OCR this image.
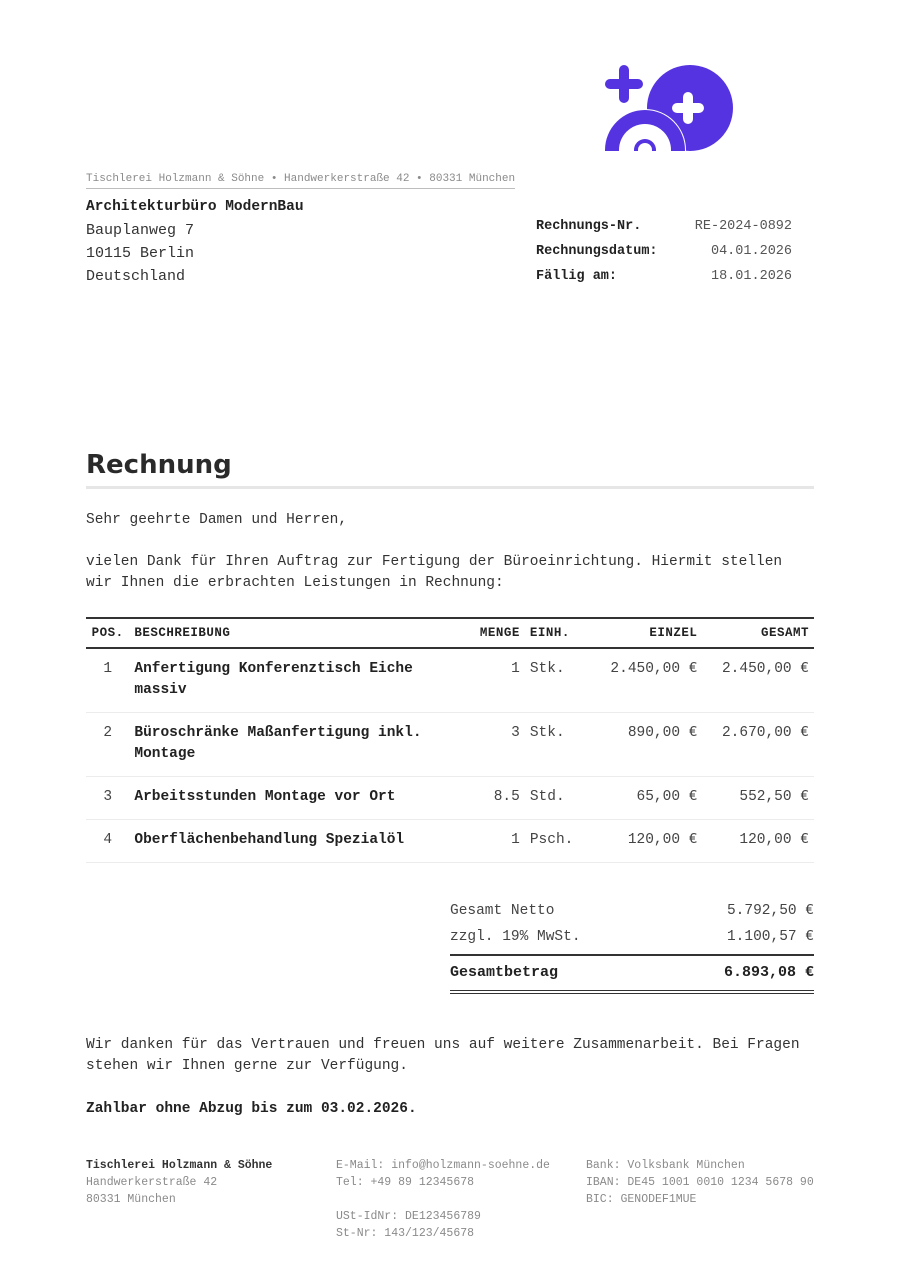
Tischlerei Holzmann & Söhne • Handwerkerstraße 42 • 80331 München
Architekturbüro ModernBau
Bauplanweg 7
10115 Berlin
Deutschland
Rechnungs-Nr.	RE-2024-0892
Rechnungsdatum:	04.01.2026
Fällig am:	18.01.2026
Rechnung
Sehr geehrte Damen und Herren,
vielen Dank für Ihren Auftrag zur Fertigung der Büroeinrichtung. Hiermit stellen wir Ihnen die erbrachten Leistungen in Rechnung:
POS.	BESCHREIBUNG	MENGE	EINH.	EINZEL	GESAMT
1	Anfertigung Konferenztisch Eiche massiv	1	Stk.	2.450,00 €	2.450,00 €
2	Büroschränke Maßanfertigung inkl. Montage	3	Stk.	890,00 €	2.670,00 €
3	Arbeitsstunden Montage vor Ort	8.5	Std.	65,00 €	552,50 €
4	Oberflächenbehandlung Spezialöl	1	Psch.	120,00 €	120,00 €
Gesamt Netto	5.792,50 €
zzgl. 19% MwSt.	1.100,57 €
Gesamtbetrag	6.893,08 €
Wir danken für das Vertrauen und freuen uns auf weitere Zusammenarbeit. Bei Fragen stehen wir Ihnen gerne zur Verfügung.
Zahlbar ohne Abzug bis zum 03.02.2026.
Tischlerei Holzmann & Söhne
Handwerkerstraße 42
80331 München
E-Mail: info@holzmann-soehne.de
Tel: +49 89 12345678
USt-IdNr: DE123456789
St-Nr: 143/123/45678
Bank: Volksbank München
IBAN: DE45 1001 0010 1234 5678 90
BIC: GENODEF1MUE
